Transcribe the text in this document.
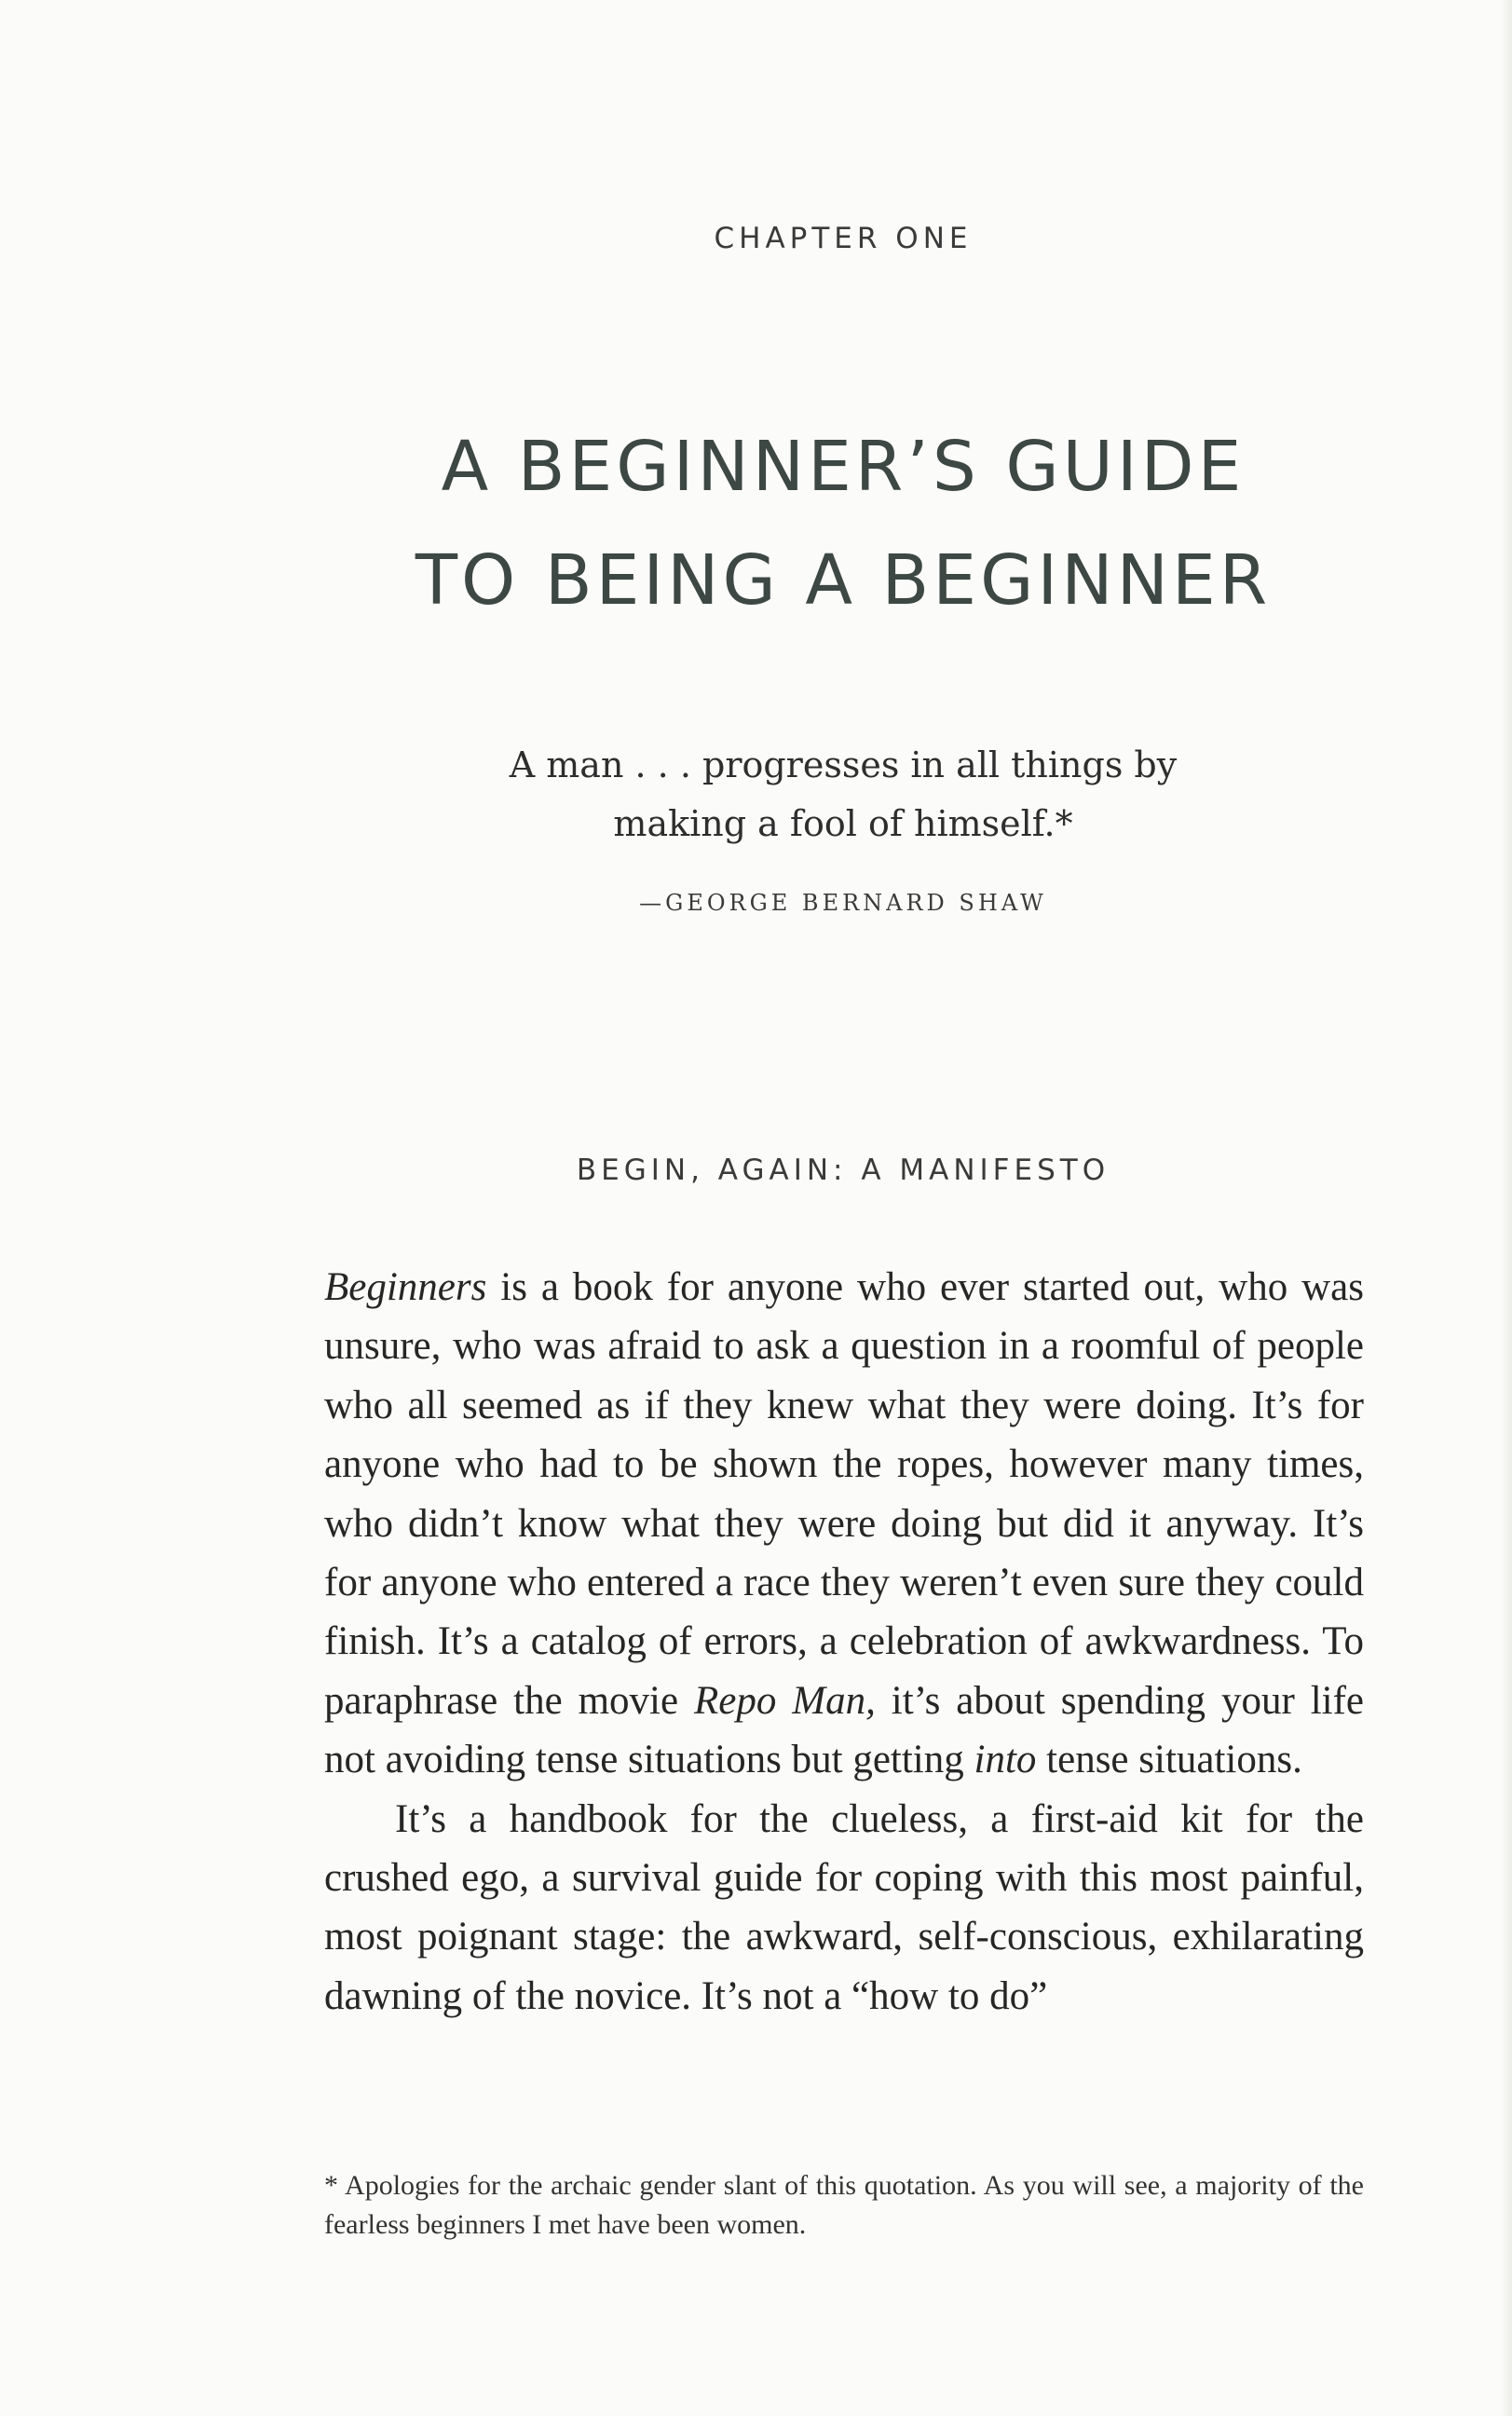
CHAPTER ONE
A BEGINNER’S GUIDE
TO BEING A BEGINNER
A man . . . progresses in all things by
making a fool of himself.*
—GEORGE BERNARD SHAW
BEGIN, AGAIN: A MANIFESTO

Beginners is a book for anyone who ever started out, who was unsure, who was afraid to ask a question in a roomful of people who all seemed as if they knew what they were doing. It’s for anyone who had to be shown the ropes, however many times, who didn’t know what they were doing but did it anyway. It’s for anyone who entered a race they weren’t even sure they could finish. It’s a catalog of errors, a celebration of awkwardness. To paraphrase the movie Repo Man, it’s about spending your life not avoiding tense situations but getting into tense situations.

It’s a handbook for the clueless, a first-aid kit for the crushed ego, a survival guide for coping with this most painful, most poignant stage: the awkward, self-conscious, exhilarating dawning of the novice. It’s not a “how to do”

* Apologies for the archaic gender slant of this quotation. As you will see, a majority of the fearless beginners I met have been women.
